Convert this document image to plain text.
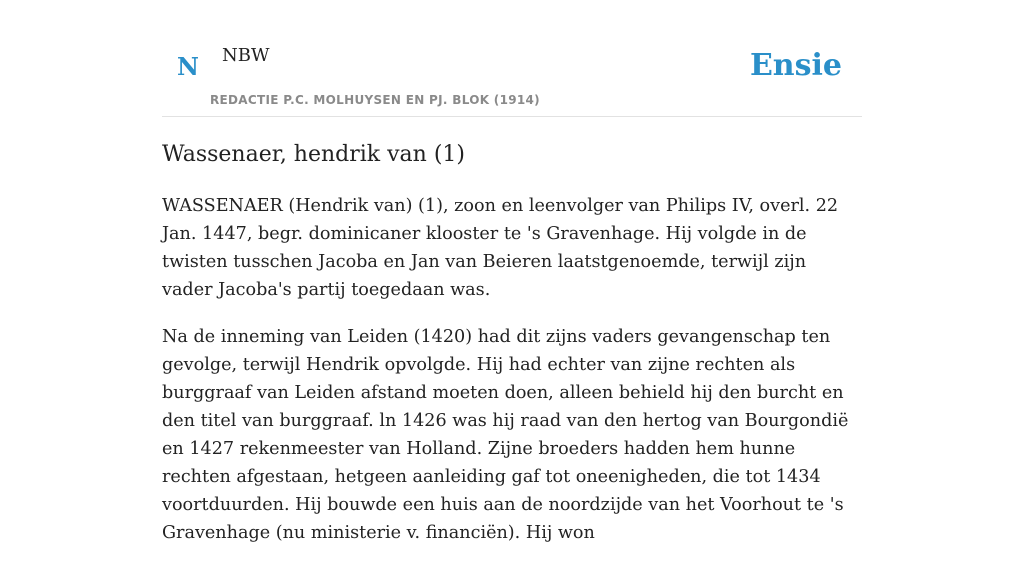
N NBW
REDACTIE P.C. MOLHUYSEN EN PJ. BLOK (1914)
Ensie
Wassenaer, hendrik van (1)

WASSENAER (Hendrik van) (1), zoon en leenvolger van Philips IV, overl. 22 Jan. 1447, begr. dominicaner klooster te 's Gravenhage. Hij volgde in de twisten tusschen Jacoba en Jan van Beieren laatstgenoemde, terwijl zijn vader Jacoba's partij toegedaan was.

Na de inneming van Leiden (1420) had dit zijns vaders gevangenschap ten gevolge, terwijl Hendrik opvolgde. Hij had echter van zijne rechten als burggraaf van Leiden afstand moeten doen, alleen behield hij den burcht en den titel van burggraaf. ln 1426 was hij raad van den hertog van Bourgondië en 1427 rekenmeester van Holland. Zijne broeders hadden hem hunne rechten afgestaan, hetgeen aanleiding gaf tot oneenigheden, die tot 1434 voortduurden. Hij bouwde een huis aan de noordzijde van het Voorhout te 's Gravenhage (nu ministerie v. financiën). Hij won
